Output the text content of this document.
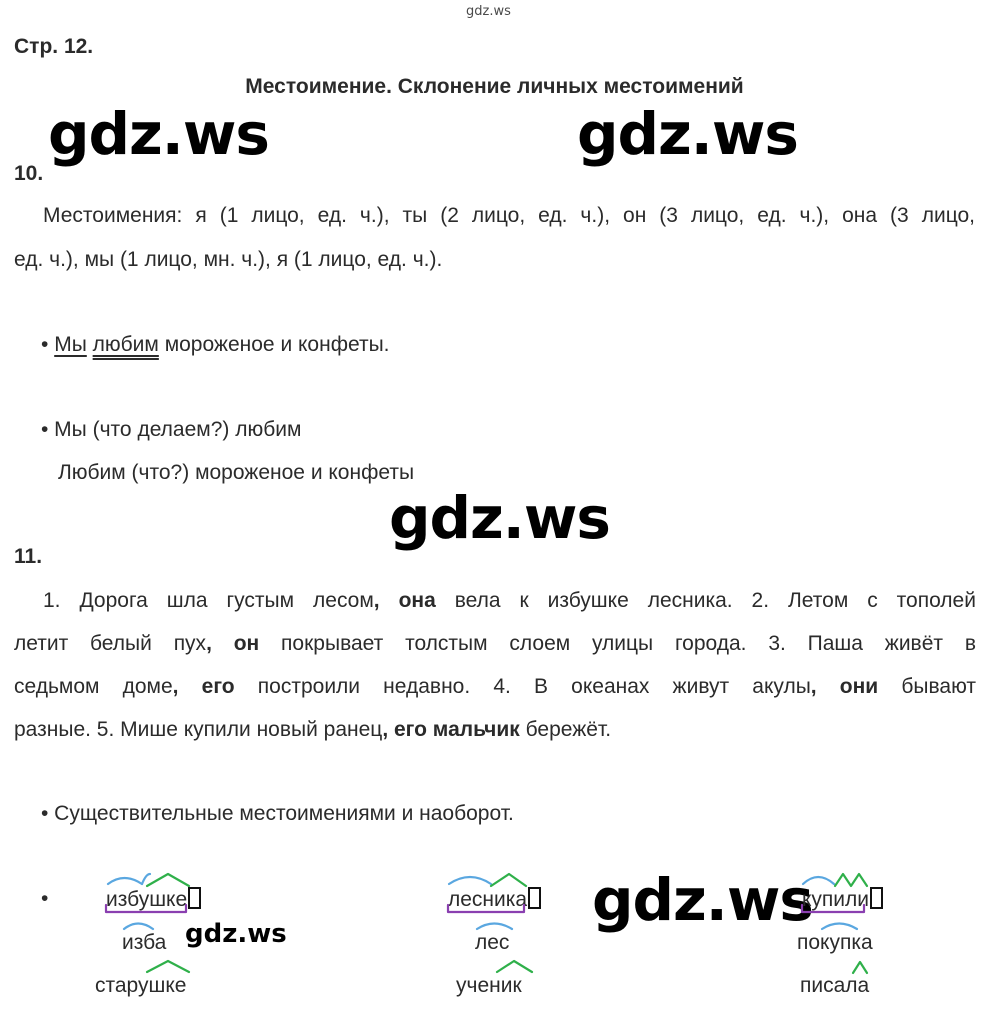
gdz.ws
Стр. 12.
Местоимение. Склонение личных местоимений
gdz.ws	gdz.ws
gdz.ws
gdz.ws
gdz.ws
10.
Местоимения: я (1 лицо, ед. ч.), ты (2 лицо, ед. ч.), он (3 лицо, ед. ч.), она (3 лицо,
ед. ч.), мы (1 лицо, мн. ч.), я (1 лицо, ед. ч.).
• Мы любим мороженое и конфеты.
• Мы (что делаем?) любим
Любим (что?) мороженое и конфеты
11.
1. Дорога шла густым лесом, она вела к избушке лесника. 2. Летом с тополей
летит белый пух, он покрывает толстым слоем улицы города. 3. Паша живёт в
седьмом доме, его построили недавно. 4. В океанах живут акулы, они бывают
разные. 5. Мише купили новый ранец, его мальчик бережёт.
• Существительные местоимениями и наоборот.
•	избушке
изба
старушке
лесника
лес
ученик
купили
покупка
писала
